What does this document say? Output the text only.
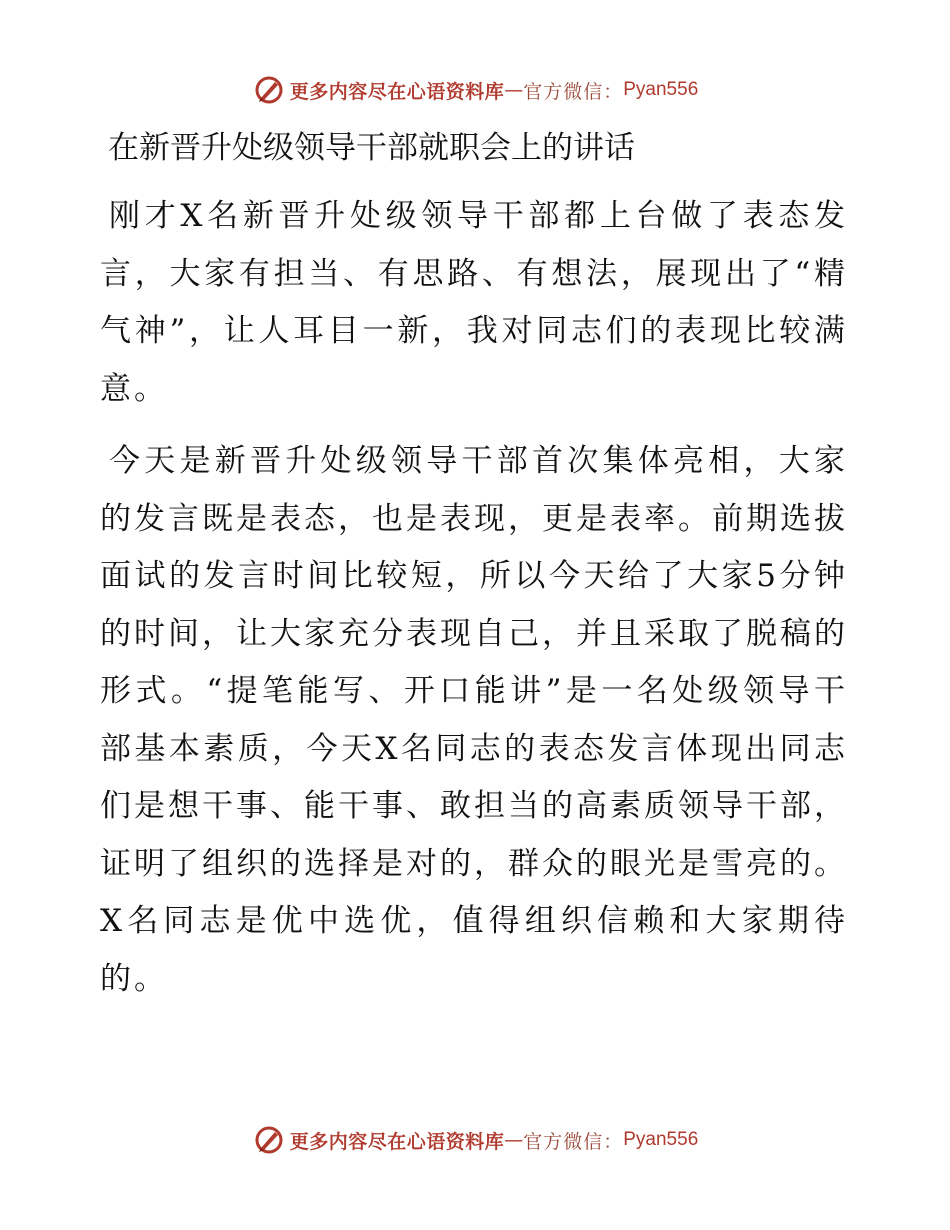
更多内容尽在心语资料库 — 官方微信： Pyan556
在新晋升处级领导干部就职会上的讲话

刚才X名新晋升处级领导干部都上台做了表态发言，大家有担当、有思路、有想法，展现出了“精气神”，让人耳目一新，我对同志们的表现比较满意。

今天是新晋升处级领导干部首次集体亮相，大家的发言既是表态，也是表现，更是表率。前期选拔面试的发言时间比较短，所以今天给了大家5分钟的时间，让大家充分表现自己，并且采取了脱稿的形式。“提笔能写、开口能讲”是一名处级领导干部基本素质，今天X名同志的表态发言体现出同志们是想干事、能干事、敢担当的高素质领导干部，证明了组织的选择是对的，群众的眼光是雪亮的。X名同志是优中选优，值得组织信赖和大家期待的。

更多内容尽在心语资料库 — 官方微信： Pyan556
